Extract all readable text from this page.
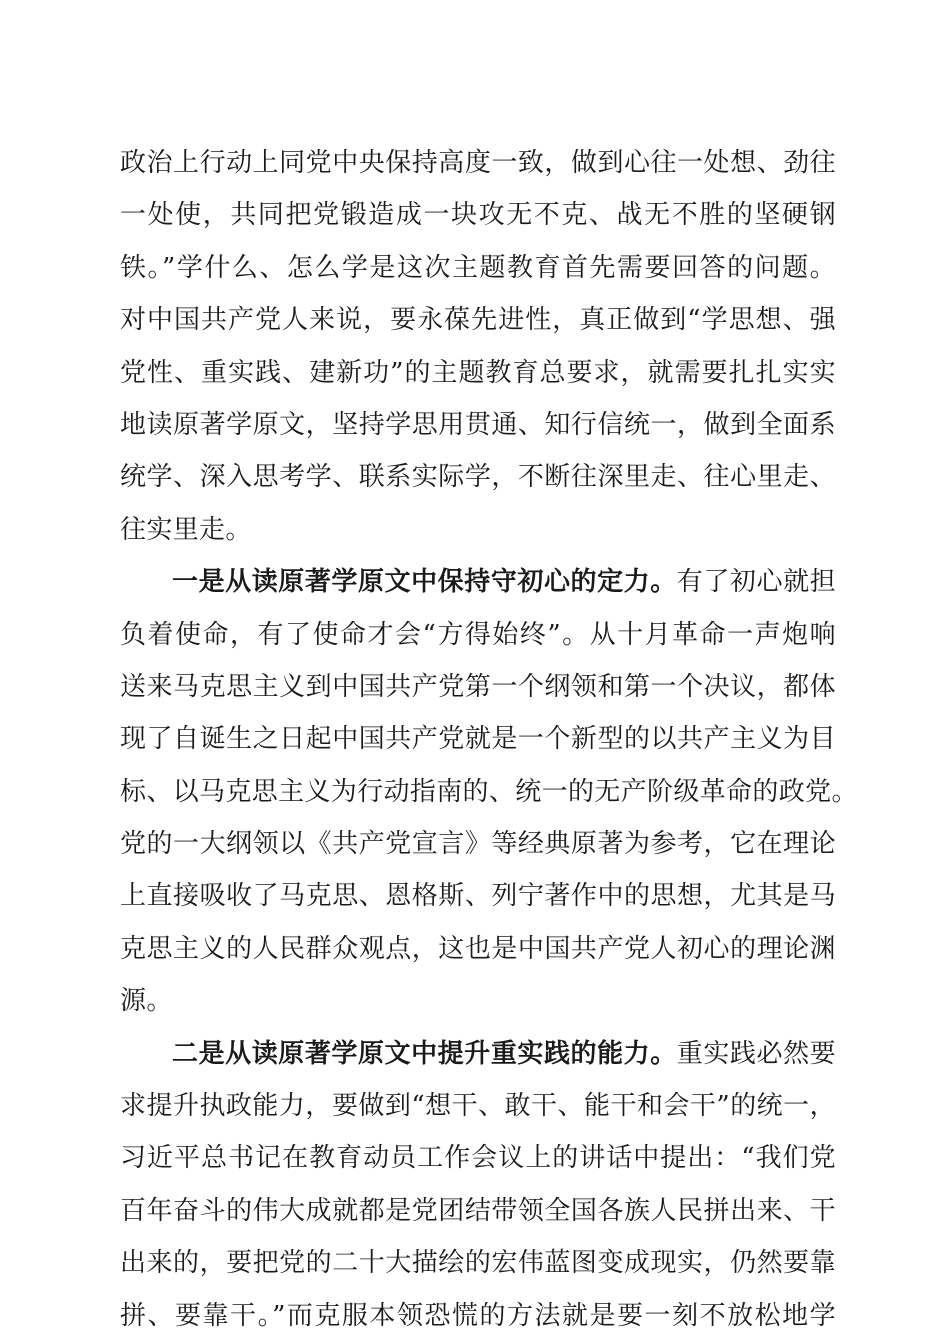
政治上行动上同党中央保持高度一致，做到心往一处想、劲往
一处使，共同把党锻造成一块攻无不克、战无不胜的坚硬钢
铁。”学什么、怎么学是这次主题教育首先需要回答的问题。
对中国共产党人来说，要永葆先进性，真正做到“学思想、强
党性、重实践、建新功”的主题教育总要求，就需要扎扎实实
地读原著学原文，坚持学思用贯通、知行信统一，做到全面系
统学、深入思考学、联系实际学，不断往深里走、往心里走、
往实里走。
一是从读原著学原文中保持守初心的定力。有了初心就担
负着使命，有了使命才会“方得始终”。从十月革命一声炮响
送来马克思主义到中国共产党第一个纲领和第一个决议，都体
现了自诞生之日起中国共产党就是一个新型的以共产主义为目
标、以马克思主义为行动指南的、统一的无产阶级革命的政党。
党的一大纲领以《共产党宣言》等经典原著为参考，它在理论
上直接吸收了马克思、恩格斯、列宁著作中的思想，尤其是马
克思主义的人民群众观点，这也是中国共产党人初心的理论渊
源。
二是从读原著学原文中提升重实践的能力。重实践必然要
求提升执政能力，要做到“想干、敢干、能干和会干”的统一，
习近平总书记在教育动员工作会议上的讲话中提出：“我们党
百年奋斗的伟大成就都是党团结带领全国各族人民拼出来、干
出来的，要把党的二十大描绘的宏伟蓝图变成现实，仍然要靠
拼、要靠干。”而克服本领恐慌的方法就是要一刻不放松地学
